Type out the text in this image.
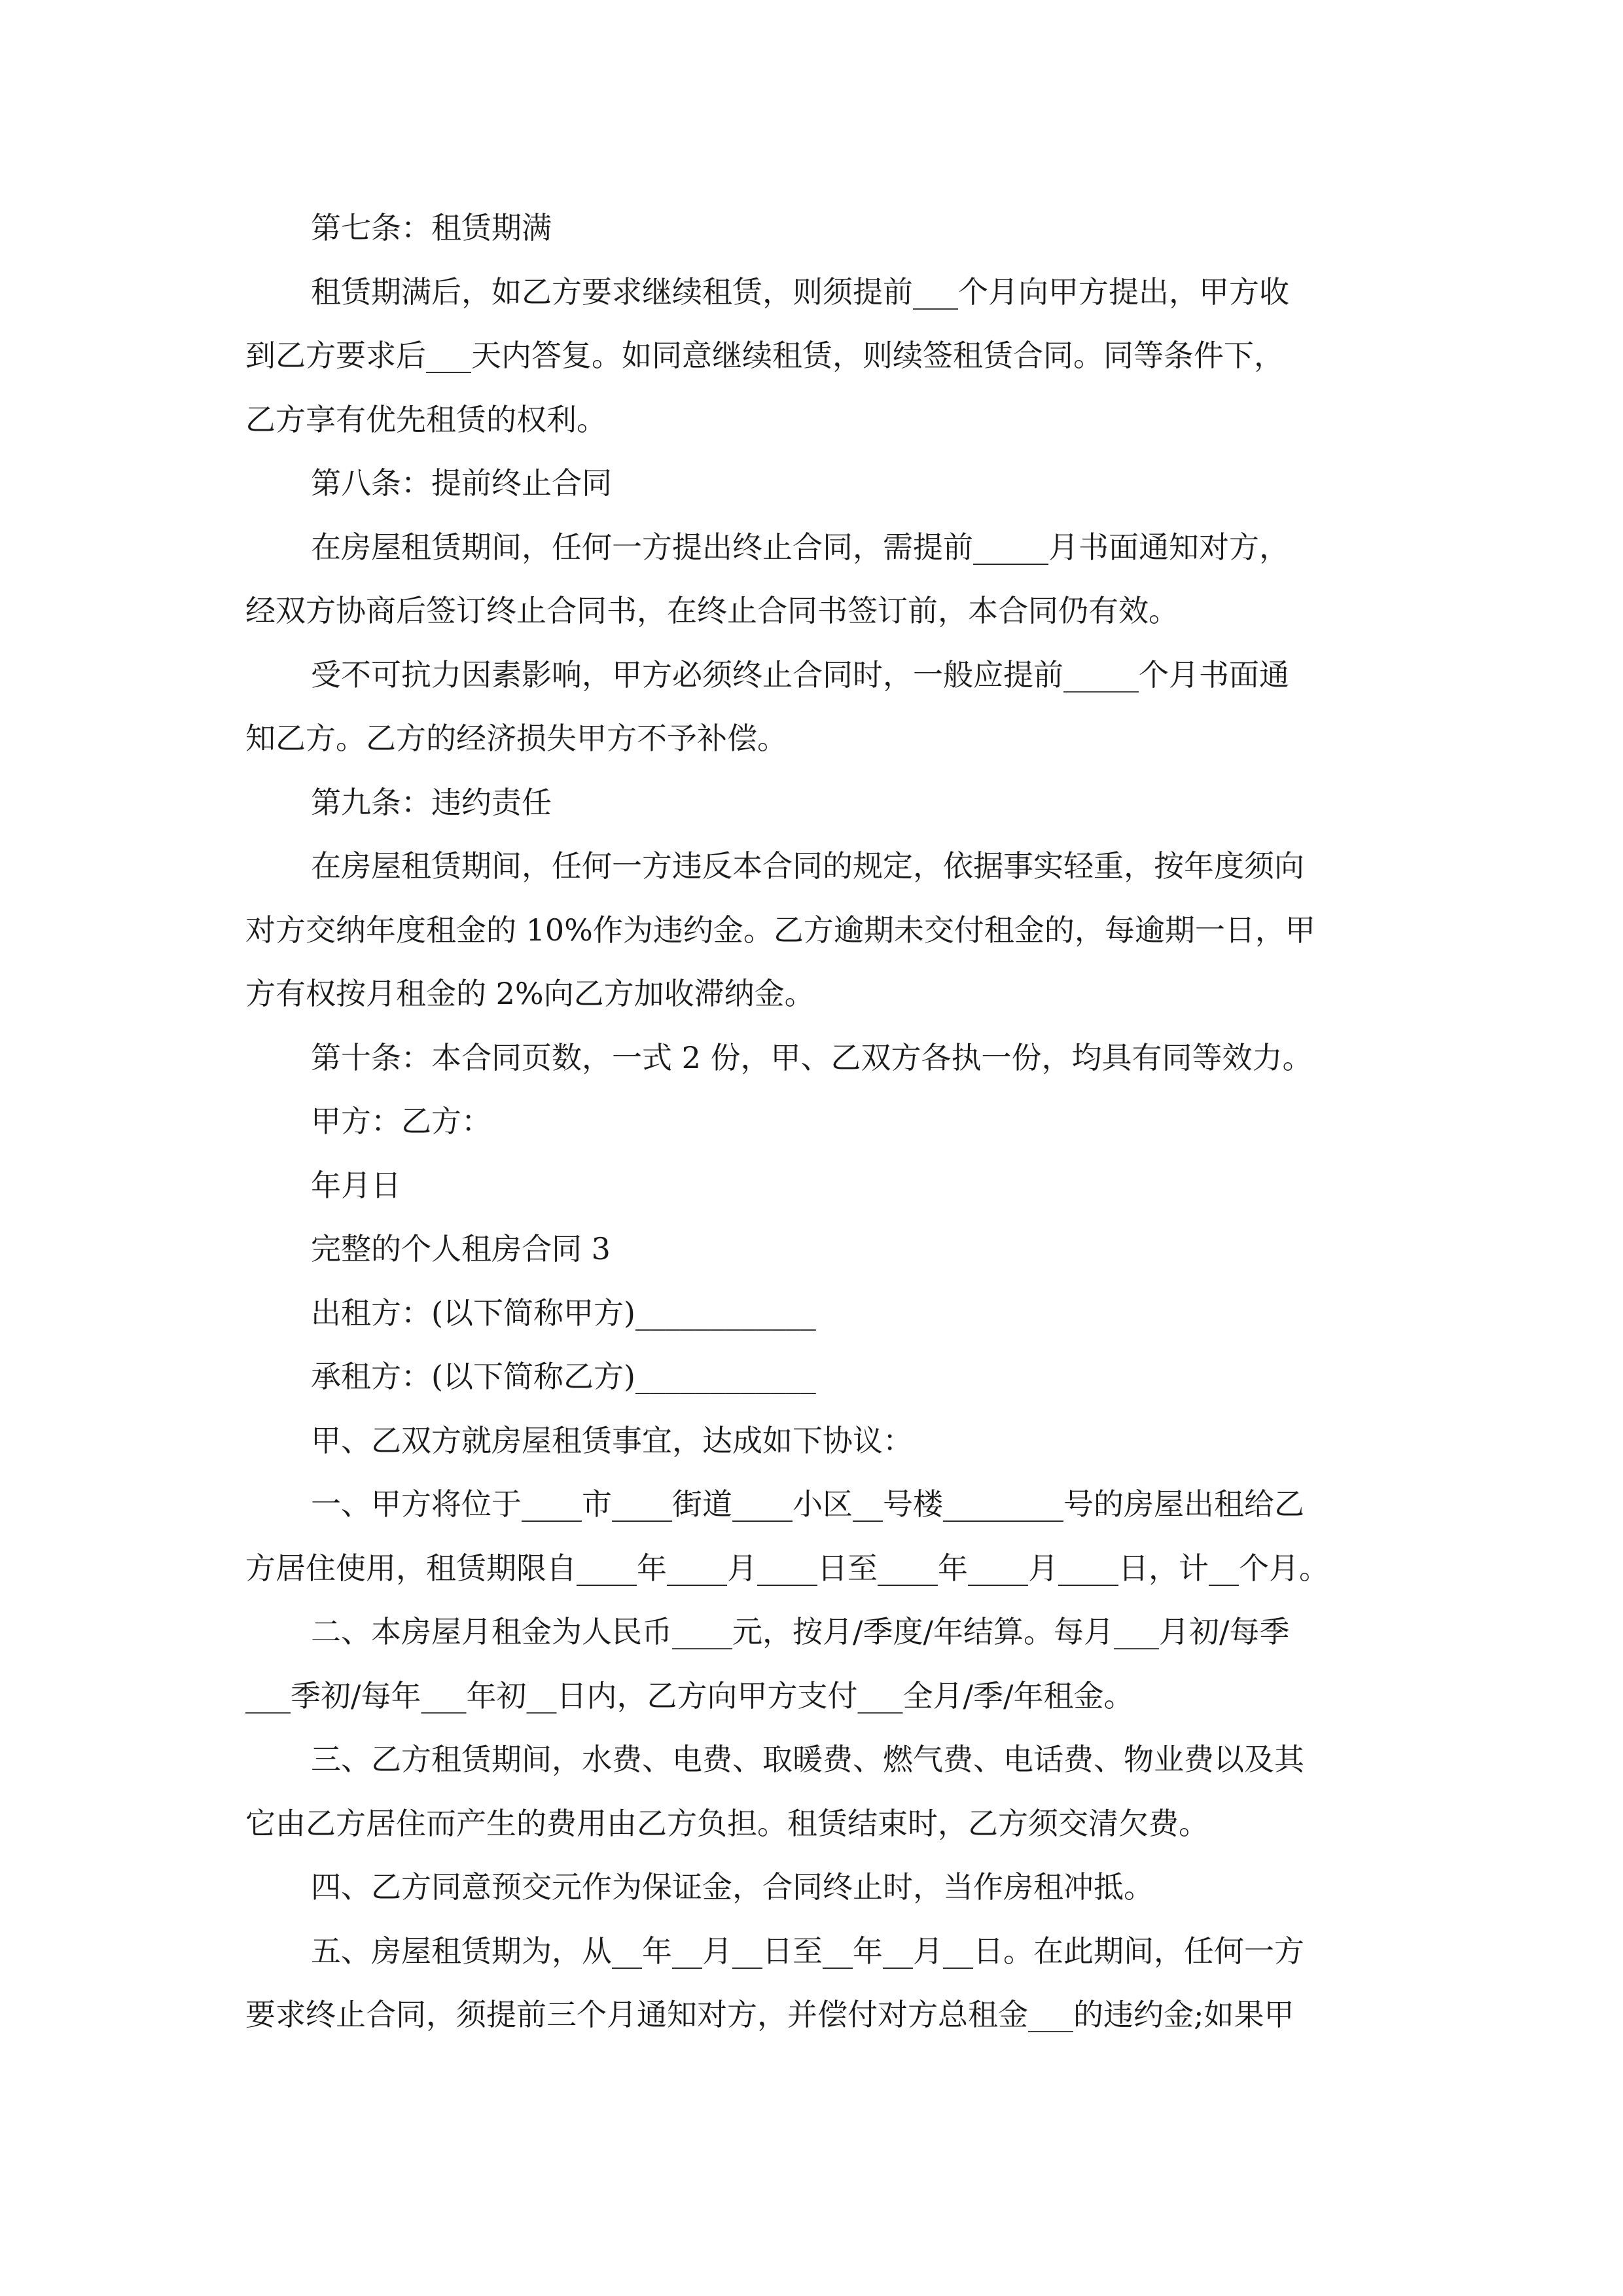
第七条：租赁期满
租赁期满后，如乙方要求继续租赁，则须提前___个月向甲方提出，甲方收
到乙方要求后___天内答复。如同意继续租赁，则续签租赁合同。同等条件下，
乙方享有优先租赁的权利。
第八条：提前终止合同
在房屋租赁期间，任何一方提出终止合同，需提前_____月书面通知对方，
经双方协商后签订终止合同书，在终止合同书签订前，本合同仍有效。
受不可抗力因素影响，甲方必须终止合同时，一般应提前_____个月书面通
知乙方。乙方的经济损失甲方不予补偿。
第九条：违约责任
在房屋租赁期间，任何一方违反本合同的规定，依据事实轻重，按年度须向
对方交纳年度租金的 10%作为违约金。乙方逾期未交付租金的，每逾期一日，甲
方有权按月租金的 2%向乙方加收滞纳金。
第十条：本合同页数，一式 2 份，甲、乙双方各执一份，均具有同等效力。
甲方：乙方：
年月日
完整的个人租房合同 3
出租方：(以下简称甲方)____________
承租方：(以下简称乙方)____________
甲、乙双方就房屋租赁事宜，达成如下协议：
一、甲方将位于____市____街道____小区__号楼________号的房屋出租给乙
方居住使用，租赁期限自____年____月____日至____年____月____日，计__个月。
二、本房屋月租金为人民币____元，按月/季度/年结算。每月___月初/每季
___季初/每年___年初__日内，乙方向甲方支付___全月/季/年租金。
三、乙方租赁期间，水费、电费、取暖费、燃气费、电话费、物业费以及其
它由乙方居住而产生的费用由乙方负担。租赁结束时，乙方须交清欠费。
四、乙方同意预交元作为保证金，合同终止时，当作房租冲抵。
五、房屋租赁期为，从__年__月__日至__年__月__日。在此期间，任何一方
要求终止合同，须提前三个月通知对方，并偿付对方总租金___的违约金;如果甲
